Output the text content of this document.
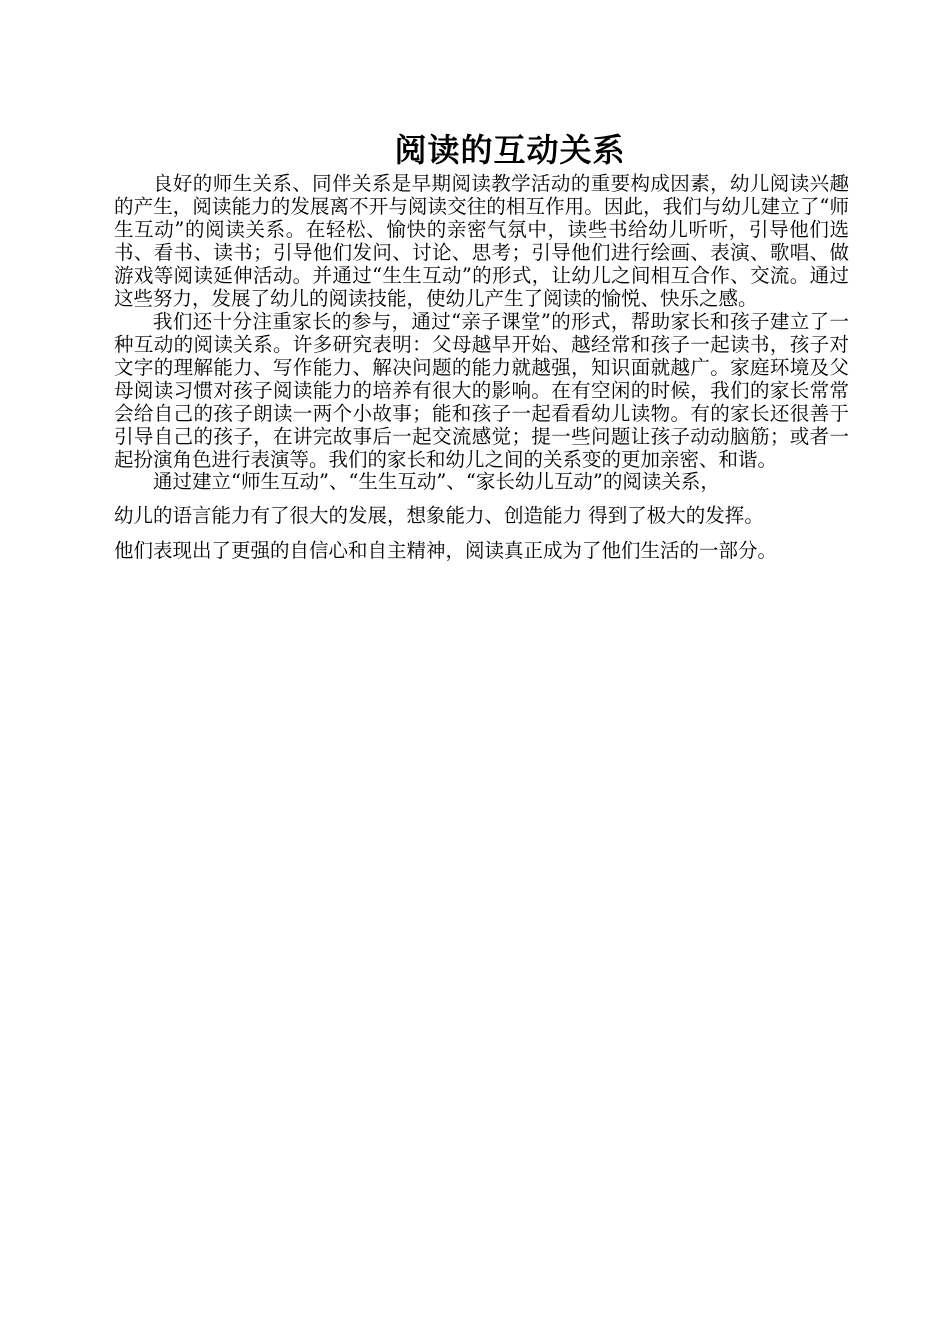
阅读的互动关系

良好的师生关系、同伴关系是早期阅读教学活动的重要构成因素，幼儿阅读兴趣的产生，阅读能力的发展离不开与阅读交往的相互作用。因此，我们与幼儿建立了“师生互动”的阅读关系。在轻松、愉快的亲密气氛中，读些书给幼儿听听，引导他们选书、看书、读书；引导他们发问、讨论、思考；引导他们进行绘画、表演、歌唱、做游戏等阅读延伸活动。并通过“生生互动”的形式，让幼儿之间相互合作、交流。通过这些努力，发展了幼儿的阅读技能，使幼儿产生了阅读的愉悦、快乐之感。

我们还十分注重家长的参与，通过“亲子课堂”的形式，帮助家长和孩子建立了一种互动的阅读关系。许多研究表明：父母越早开始、越经常和孩子一起读书，孩子对文字的理解能力、写作能力、解决问题的能力就越强，知识面就越广。家庭环境及父母阅读习惯对孩子阅读能力的培养有很大的影响。在有空闲的时候，我们的家长常常会给自己的孩子朗读一两个小故事；能和孩子一起看看幼儿读物。有的家长还很善于引导自己的孩子，在讲完故事后一起交流感觉；提一些问题让孩子动动脑筋；或者一起扮演角色进行表演等。我们的家长和幼儿之间的关系变的更加亲密、和谐。

通过建立“师生互动”、“生生互动”、“家长幼儿互动”的阅读关系，

幼儿的语言能力有了很大的发展，想象能力、创造能力 得到了极大的发挥。

他们表现出了更强的自信心和自主精神，阅读真正成为了他们生活的一部分。
